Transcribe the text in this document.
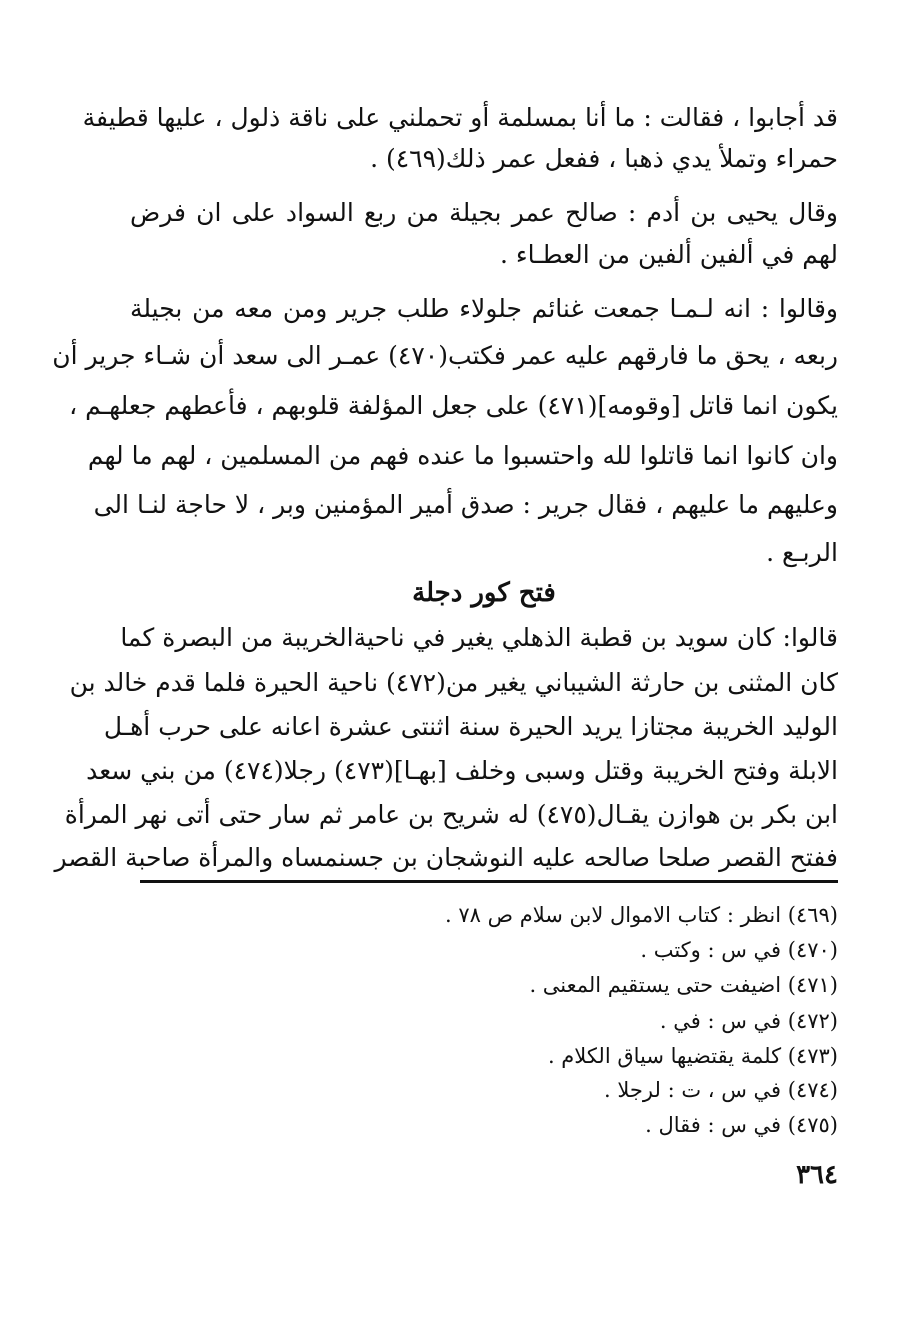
قد أجابوا ، فقالت : ما أنا بمسلمة أو تحملني على ناقة ذلول ، عليها قطيفة
حمراء وتملأ يدي ذهبا ، ففعل عمر ذلك(٤٦٩) .
وقال يحيى بن أدم : صالح عمر بجيلة من ربع السواد على ان فرض
لهم في ألفين ألفين من العطـاء .
وقالوا : انه لـمـا جمعت غنائم جلولاء طلب جرير ومن معه من بجيلة
ربعه ، يحق ما فارقهم عليه عمر فكتب(٤٧٠) عمـر الى سعد أن شـاء جرير أن
يكون انما قاتل [وقومه](٤٧١) على جعل المؤلفة قلوبهم ، فأعطهم جعلهـم ،
وان كانوا انما قاتلوا لله واحتسبوا ما عنده فهم من المسلمين ، لهم ما لهم
وعليهم ما عليهم ، فقال جرير : صدق أمير المؤمنين وبر ، لا حاجة لنـا الى
الربـع .
فتح كور دجلة
قالوا: كان سويد بن قطبة الذهلي يغير في ناحيةالخريبة من البصرة كما
كان المثنى بن حارثة الشيباني يغير من(٤٧٢) ناحية الحيرة فلما قدم خالد بن
الوليد الخريبة مجتازا يريد الحيرة سنة اثنتى عشرة اعانه على حرب أهـل
الابلة وفتح الخريبة وقتل وسبى وخلف [بهـا](٤٧٣) رجلا(٤٧٤) من بني سعد
ابن بكر بن هوازن يقـال(٤٧٥) له شريح بن عامر ثم سار حتى أتى نهر المرأة
ففتح القصر صلحا صالحه عليه النوشجان بن جسنمساه والمرأة صاحبة القصر
(٤٦٩) انظر : كتاب الاموال لابن سلام ص ٧٨ .
(٤٧٠) في س : وكتب .
(٤٧١) اضيفت حتى يستقيم المعنى .
(٤٧٢) في س : في .
(٤٧٣) كلمة يقتضيها سياق الكلام .
(٤٧٤) في س ، ت : لرجلا .
(٤٧٥) في س : فقال .
٣٦٤
